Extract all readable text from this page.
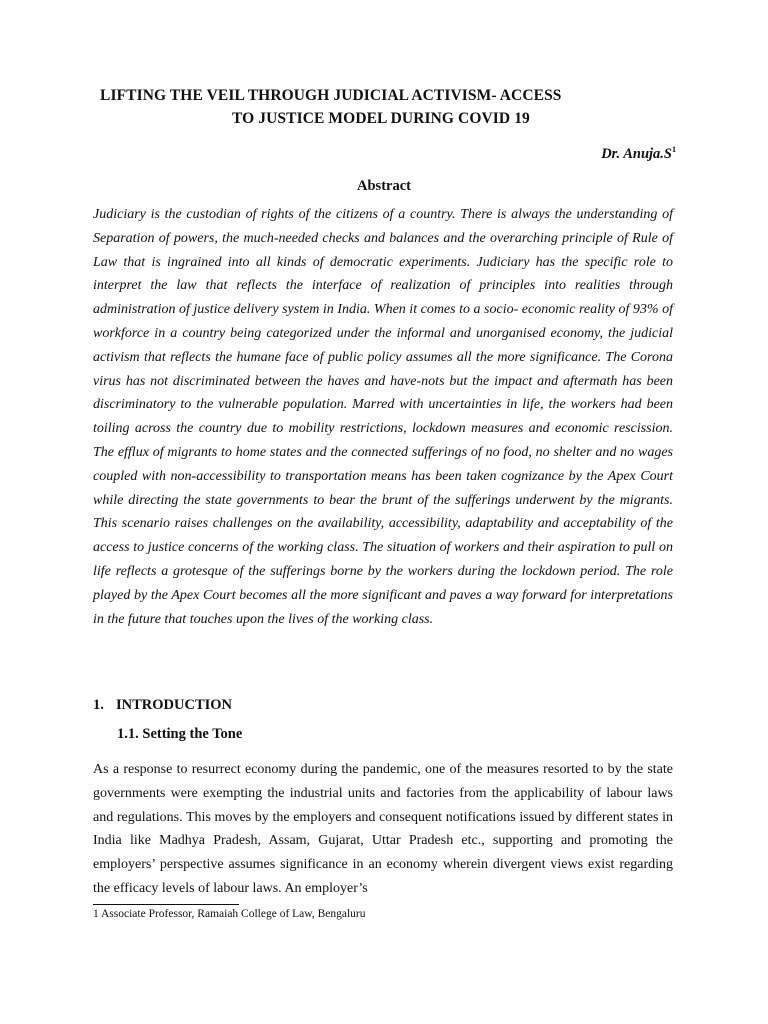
LIFTING THE VEIL THROUGH JUDICIAL ACTIVISM- ACCESS
TO JUSTICE MODEL DURING COVID 19
Dr. $Anuja.S^1$
Abstract

Judiciary is the custodian of rights of the citizens of a country. There is always the understanding of Separation of powers, the much-needed checks and balances and the overarching principle of Rule of Law that is ingrained into all kinds of democratic experiments. Judiciary has the specific role to interpret the law that reflects the interface of realization of principles into realities through administration of justice delivery system in India. When it comes to a socio- economic reality of 93% of workforce in a country being categorized under the informal and unorganised economy, the judicial activism that reflects the humane face of public policy assumes all the more significance. The Corona virus has not discriminated between the haves and have-nots but the impact and aftermath has been discriminatory to the vulnerable population. Marred with uncertainties in life, the workers had been toiling across the country due to mobility restrictions, lockdown measures and economic rescission. The efflux of migrants to home states and the connected sufferings of no food, no shelter and no wages coupled with non-accessibility to transportation means has been taken cognizance by the Apex Court while directing the state governments to bear the brunt of the sufferings underwent by the migrants. This scenario raises challenges on the availability, accessibility, adaptability and acceptability of the access to justice concerns of the working class. The situation of workers and their aspiration to pull on life reflects a grotesque of the sufferings borne by the workers during the lockdown period. The role played by the Apex Court becomes all the more significant and paves a way forward for interpretations in the future that touches upon the lives of the working class.

1. INTRODUCTION
1.1. Setting the Tone

As a response to resurrect economy during the pandemic, one of the measures resorted to by the state governments were exempting the industrial units and factories from the applicability of labour laws and regulations. This moves by the employers and consequent notifications issued by different states in India like Madhya Pradesh, Assam, Gujarat, Uttar Pradesh etc., supporting and promoting the employers’ perspective assumes significance in an economy wherein divergent views exist regarding the efficacy levels of labour laws. An employer’s

1 Associate Professor, Ramaiah College of Law, Bengaluru
